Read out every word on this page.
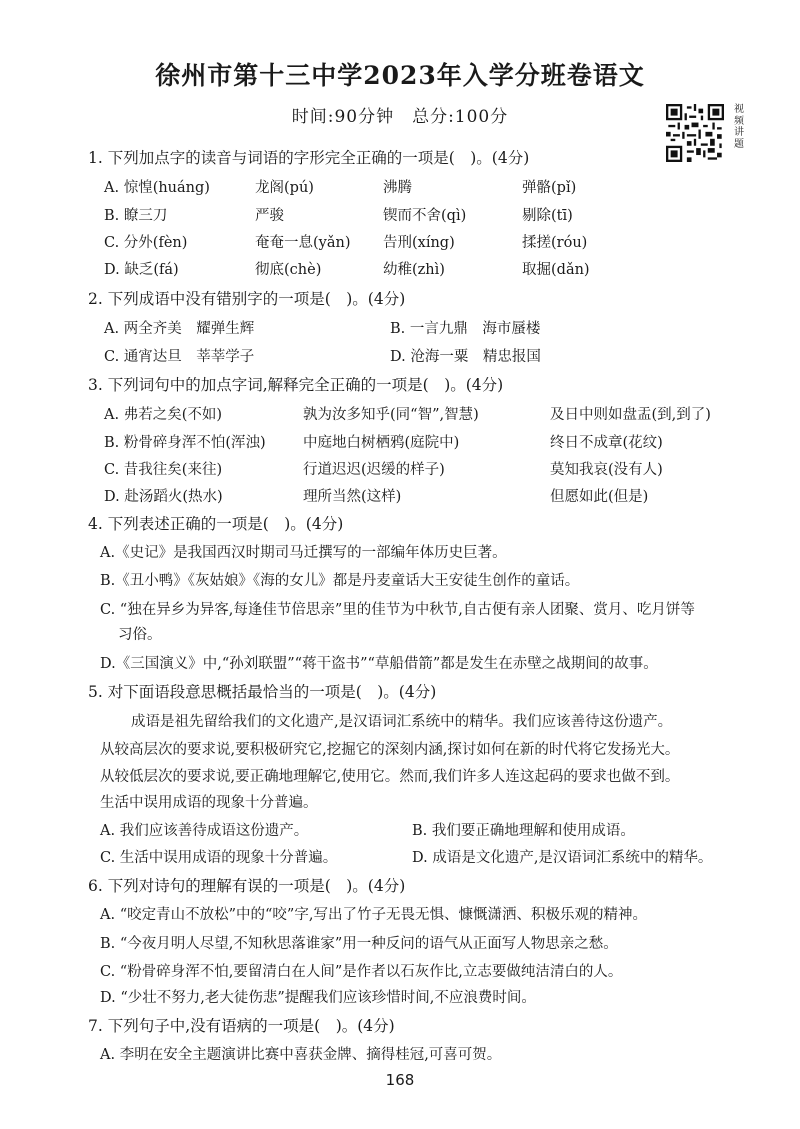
徐州市第十三中学2023年入学分班卷语文
时间:90分钟　总分:100分	视频讲题
1. 下列加点字的读音与词语的字形完全正确的一项是(　)。(4分)
A. 惊惶(huáng)	龙阁(pú)	沸腾	弹骼(pǐ)
B. 瞭三刀	严骏	锲而不舍(qì)	剔除(tī)
C. 分外(fèn)	奄奄一息(yǎn) 告刑(xíng)	揉搓(róu)
D. 缺乏(fá)	彻底(chè)	幼稚(zhì)	取掘(dǎn)
2. 下列成语中没有错别字的一项是(　)。(4分)
A. 两全齐美　耀弹生辉	B. 一言九鼎　海市蜃楼
C. 通宵达旦　莘莘学子	D. 沧海一粟　精忠报国
3. 下列词句中的加点字词,解释完全正确的一项是(　)。(4分)
A. 弗若之矣(不如)	孰为汝多知乎(同“智”,智慧)	及日中则如盘盂(到,到了)
B. 粉骨碎身浑不怕(浑浊)	中庭地白树栖鸦(庭院中)	终日不成章(花纹)
C. 昔我往矣(来往)	行道迟迟(迟缓的样子)	莫知我哀(没有人)
D. 赴汤蹈火(热水)	理所当然(这样)	但愿如此(但是)
4. 下列表述正确的一项是(　)。(4分)
A.《史记》是我国西汉时期司马迁撰写的一部编年体历史巨著。
B.《丑小鸭》《灰姑娘》《海的女儿》都是丹麦童话大王安徒生创作的童话。
C. “独在异乡为异客,每逢佳节倍思亲”里的佳节为中秋节,自古便有亲人团聚、赏月、吃月饼等
习俗。
D.《三国演义》中,“孙刘联盟”“蒋干盗书”“草船借箭”都是发生在赤壁之战期间的故事。
5. 对下面语段意思概括最恰当的一项是(　)。(4分)
成语是祖先留给我们的文化遗产,是汉语词汇系统中的精华。我们应该善待这份遗产。
从较高层次的要求说,要积极研究它,挖掘它的深刻内涵,探讨如何在新的时代将它发扬光大。
从较低层次的要求说,要正确地理解它,使用它。然而,我们许多人连这起码的要求也做不到。
生活中误用成语的现象十分普遍。
A. 我们应该善待成语这份遗产。	B. 我们要正确地理解和使用成语。
C. 生活中误用成语的现象十分普遍。	D. 成语是文化遗产,是汉语词汇系统中的精华。
6. 下列对诗句的理解有误的一项是(　)。(4分)
A. “咬定青山不放松”中的“咬”字,写出了竹子无畏无惧、慷慨潇洒、积极乐观的精神。
B. “今夜月明人尽望,不知秋思落谁家”用一种反问的语气从正面写人物思亲之愁。
C. “粉骨碎身浑不怕,要留清白在人间”是作者以石灰作比,立志要做纯洁清白的人。
D. “少壮不努力,老大徒伤悲”提醒我们应该珍惜时间,不应浪费时间。
7. 下列句子中,没有语病的一项是(　)。(4分)
A. 李明在安全主题演讲比赛中喜获金牌、摘得桂冠,可喜可贺。
168
